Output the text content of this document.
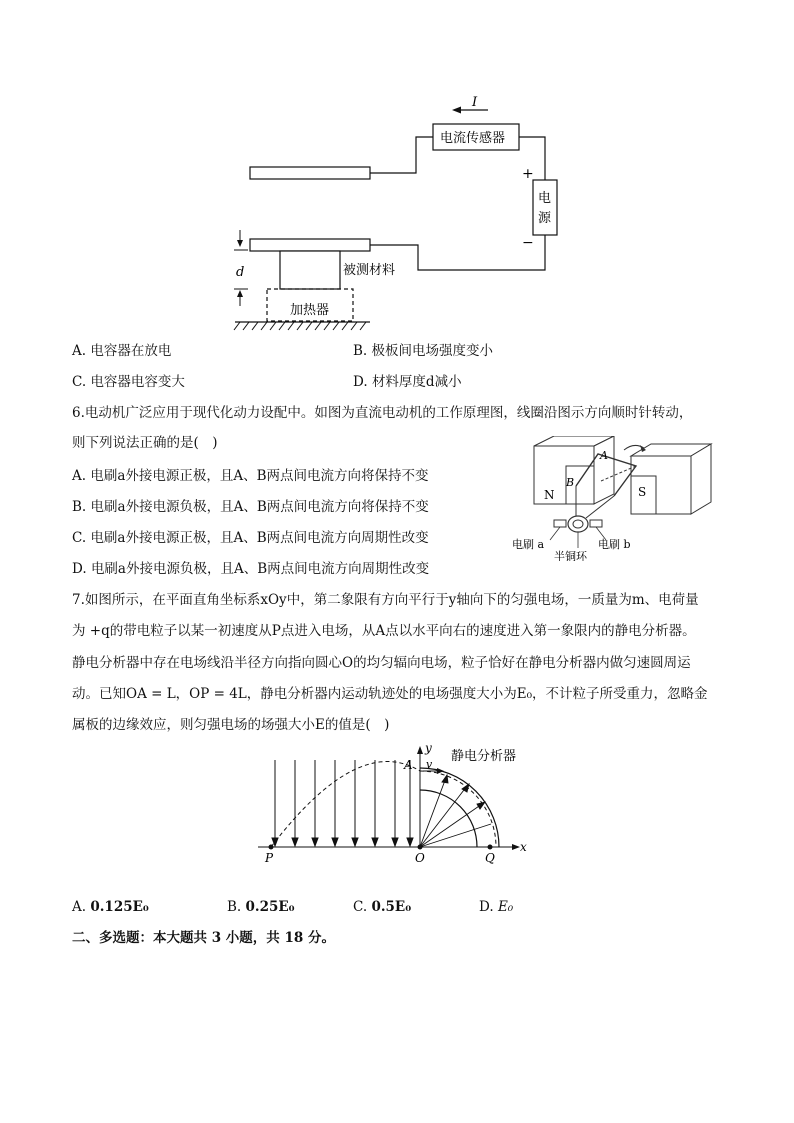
I
电流传感器
电
源
+
−
被测材料
加热器
d
A. 电容器在放电	B. 极板间电场强度变小
C. 电容器电容变大	D. 材料厚度d减小
6.电动机广泛应用于现代化动力设配中。如图为直流电动机的工作原理图，线圈沿图示方向顺时针转动，
则下列说法正确的是(　)
A. 电刷a外接电源正极，且A、B两点间电流方向将保持不变
B. 电刷a外接电源负极，且A、B两点间电流方向将保持不变
C. 电刷a外接电源正极，且A、B两点间电流方向周期性改变
D. 电刷a外接电源负极，且A、B两点间电流方向周期性改变
N	S
A
B
电刷 a	电刷 b
半铜环
7.如图所示，在平面直角坐标系xOy中，第二象限有方向平行于y轴向下的匀强电场，一质量为m、电荷量
为 +q的带电粒子以某一初速度从P点进入电场，从A点以水平向右的速度进入第一象限内的静电分析器。
静电分析器中存在电场线沿半径方向指向圆心O的均匀辐向电场，粒子恰好在静电分析器内做匀速圆周运
动。已知OA = L，OP = 4L，静电分析器内运动轨迹处的电场强度大小为E₀，不计粒子所受重力，忽略金
属板的边缘效应，则匀强电场的场强大小E的值是(　)
y
x
v
静电分析器
A
P	O	Q
A. 0.125E₀	B. 0.25E₀	C. 0.5E₀	D. E₀
二、多选题：本大题共 3 小题，共 18 分。
